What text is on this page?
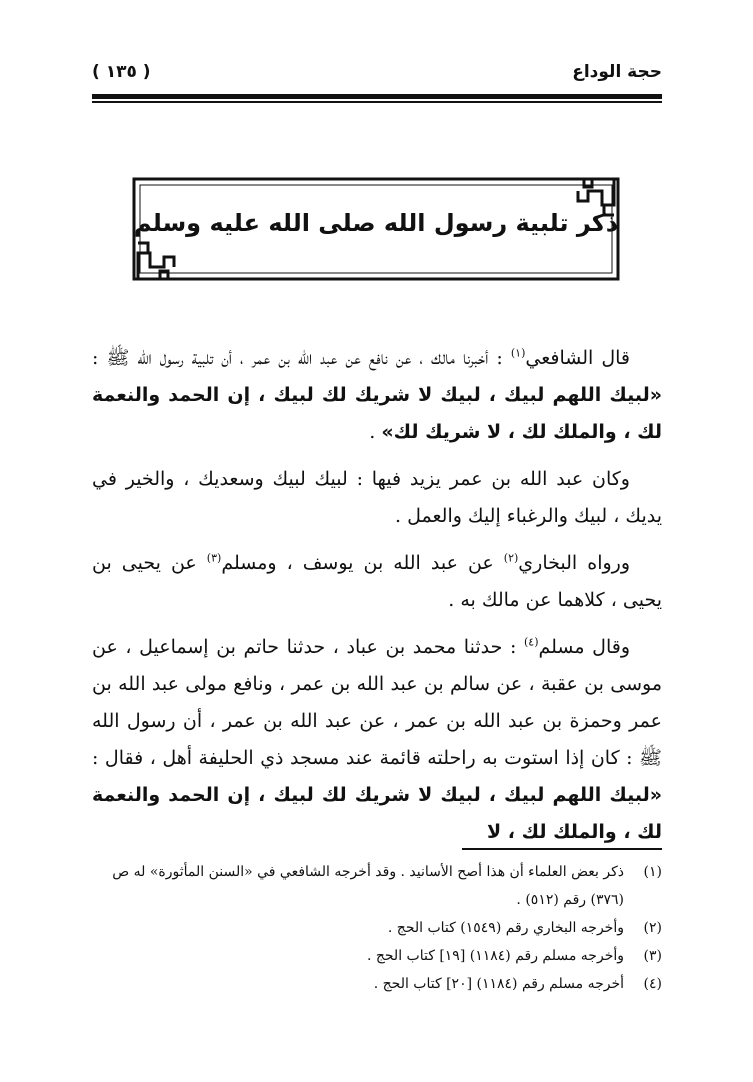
حجة الوداع
( ١٣٥ )
ذكر تلبية رسول الله صلى الله عليه وسلم

قال الشافعي$^{(١)}$ : أخبرنا مالك ، عن نافع عن عبد الله بن عمر ، أن تلبية رسول الله ﷺ : «لبيك اللهم لبيك ، لبيك لا شريك لك لبيك ، إن الحمد والنعمة لك ، والملك لك ، لا شريك لك» .

وكان عبد الله بن عمر يزيد فيها : لبيك لبيك وسعديك ، والخير في يديك ، لبيك والرغباء إليك والعمل .

ورواه البخاري$^{(٢)}$ عن عبد الله بن يوسف ، ومسلم$^{(٣)}$ عن يحيى بن يحيى ، كلاهما عن مالك به .

وقال مسلم$^{(٤)}$ : حدثنا محمد بن عباد ، حدثنا حاتم بن إسماعيل ، عن موسى بن عقبة ، عن سالم بن عبد الله بن عمر ، ونافع مولى عبد الله بن عمر وحمزة بن عبد الله بن عمر ، عن عبد الله بن عمر ، أن رسول الله ﷺ : كان إذا استوت به راحلته قائمة عند مسجد ذي الحليفة أهل ، فقال : «لبيك اللهم لبيك ، لبيك لا شريك لك لبيك ، إن الحمد والنعمة لك ، والملك لك ، لا

(١)
ذكر بعض العلماء أن هذا أصح الأسانيد . وقد أخرجه الشافعي في «السنن المأثورة» له ص (٣٧٦) رقم (٥١٢) .
(٢)
وأخرجه البخاري رقم (١٥٤٩) كتاب الحج .
(٣)
وأخرجه مسلم رقم (١١٨٤) [١٩] كتاب الحج .
(٤)
أخرجه مسلم رقم (١١٨٤) [٢٠] كتاب الحج .
